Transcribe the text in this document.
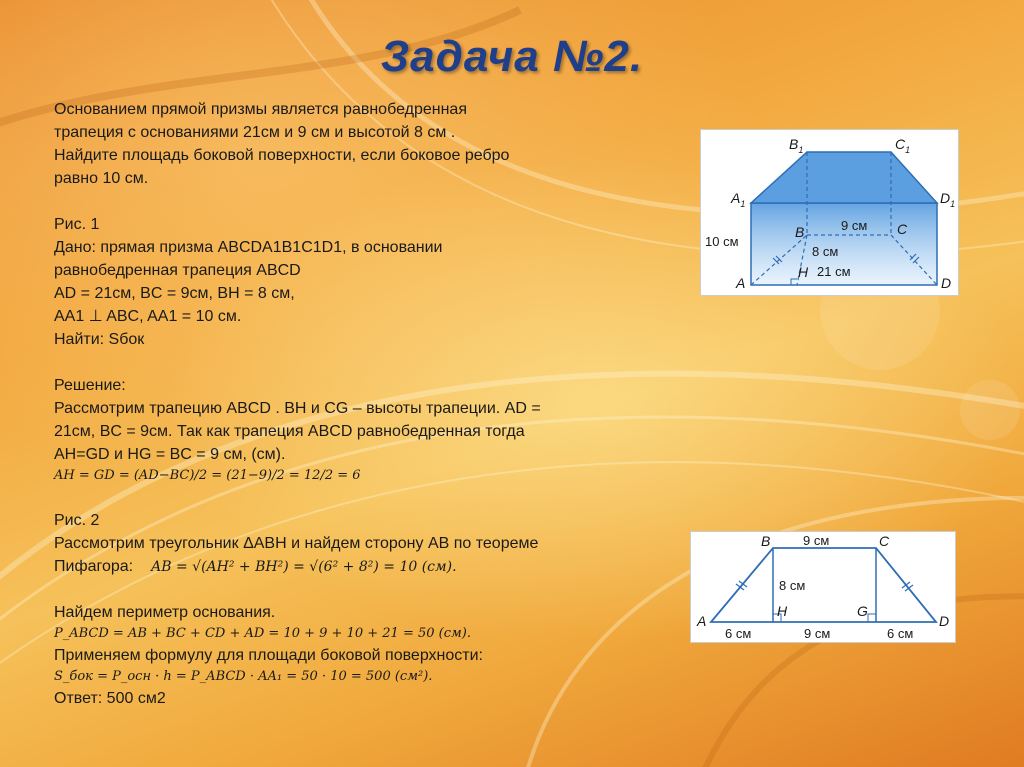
Задача №2.

Основанием прямой призмы является равнобедренная

трапеция с основаниями 21см и 9 см и высотой 8 см .

Найдите площадь боковой поверхности, если боковое ребро

равно 10 см.

Рис. 1

Дано: прямая призма ABCDA1B1C1D1, в основании

равнобедренная трапеция ABCD

AD = 21см, BC = 9см, BH = 8 см,

AA1 ⊥ ABC, AA1 = 10 см.

Найти: Sбок

Решение:

Рассмотрим трапецию ABCD . BH и CG – высоты трапеции. AD =

21см, BC = 9см. Так как трапеция ABCD равнобедренная тогда

AH=GD и HG = BC = 9 см, (см).

AH = GD = (AD−BC)/2 = (21−9)/2 = 12/2 = 6

Рис. 2

Рассмотрим треугольник ΔABH и найдем сторону AB по теореме

Пифагора: AB = √(AH² + BH²) = √(6² + 8²) = 10 (см).

Найдем периметр основания.

P_ABCD = AB + BC + CD + AD = 10 + 9 + 10 + 21 = 50 (см).

Применяем формулу для площади боковой поверхности:

S_бок = P_осн · h = P_ABCD · AA₁ = 50 · 10 = 500 (см²).

Ответ: 500 см2

$B_1$	$C_1$
$A_1$	$D_1$
B	C
A	D
H
9 см
8 см
21 см
10 см
A
B	C
D
H	G
9 см
8 см
6 см	9 см	6 см
